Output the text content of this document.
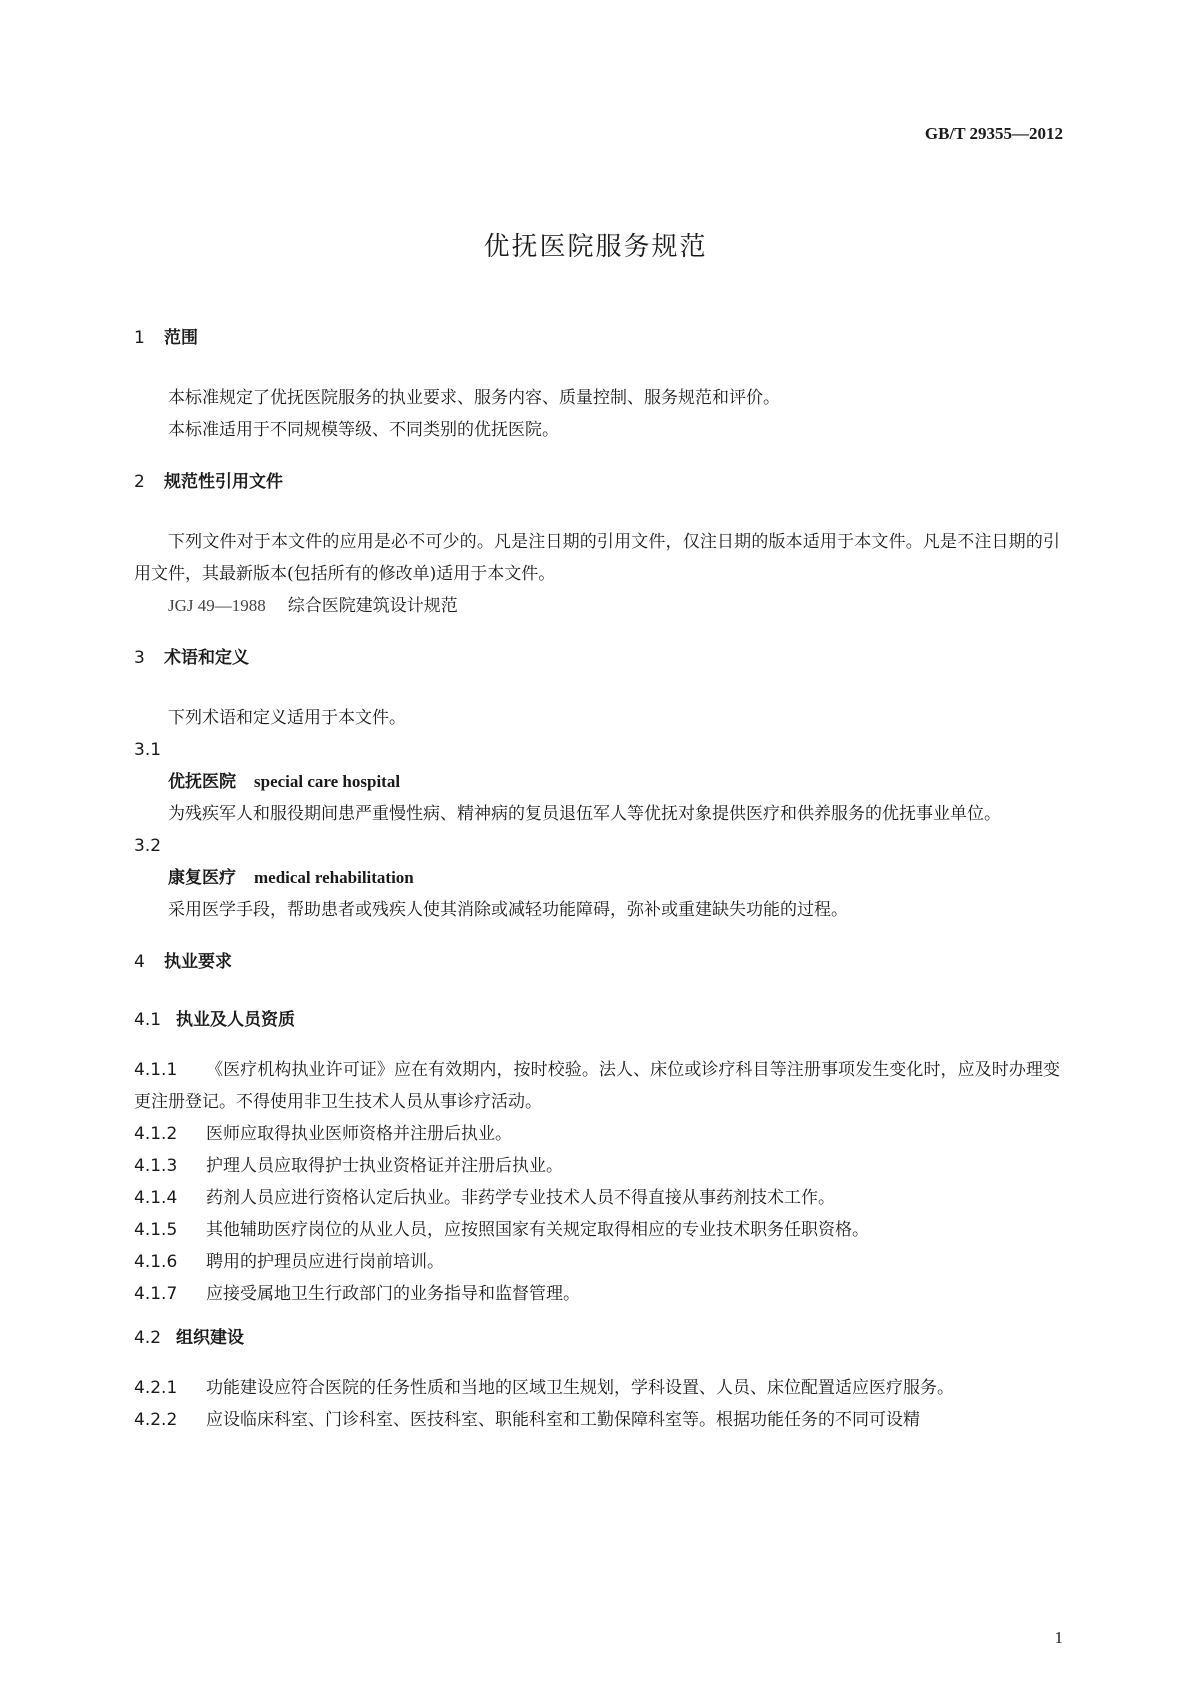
GB/T 29355—2012
优抚医院服务规范
1 范围

本标准规定了优抚医院服务的执业要求、服务内容、质量控制、服务规范和评价。

本标准适用于不同规模等级、不同类别的优抚医院。

2 规范性引用文件

下列文件对于本文件的应用是必不可少的。凡是注日期的引用文件，仅注日期的版本适用于本文件。凡是不注日期的引用文件，其最新版本(包括所有的修改单)适用于本文件。

JGJ 49—1988 综合医院建筑设计规范

3 术语和定义

下列术语和定义适用于本文件。

3.1
优抚医院 special care hospital

为残疾军人和服役期间患严重慢性病、精神病的复员退伍军人等优抚对象提供医疗和供养服务的优抚事业单位。

3.2
康复医疗 medical rehabilitation

采用医学手段，帮助患者或残疾人使其消除或减轻功能障碍，弥补或重建缺失功能的过程。

4 执业要求
4.1 执业及人员资质

4.1.1 《医疗机构执业许可证》应在有效期内，按时校验。法人、床位或诊疗科目等注册事项发生变化时，应及时办理变更注册登记。不得使用非卫生技术人员从事诊疗活动。

4.1.2 医师应取得执业医师资格并注册后执业。

4.1.3 护理人员应取得护士执业资格证并注册后执业。

4.1.4 药剂人员应进行资格认定后执业。非药学专业技术人员不得直接从事药剂技术工作。

4.1.5 其他辅助医疗岗位的从业人员，应按照国家有关规定取得相应的专业技术职务任职资格。

4.1.6 聘用的护理员应进行岗前培训。

4.1.7 应接受属地卫生行政部门的业务指导和监督管理。

4.2 组织建设

4.2.1 功能建设应符合医院的任务性质和当地的区域卫生规划，学科设置、人员、床位配置适应医疗服务。

4.2.2 应设临床科室、门诊科室、医技科室、职能科室和工勤保障科室等。根据功能任务的不同可设精

1
